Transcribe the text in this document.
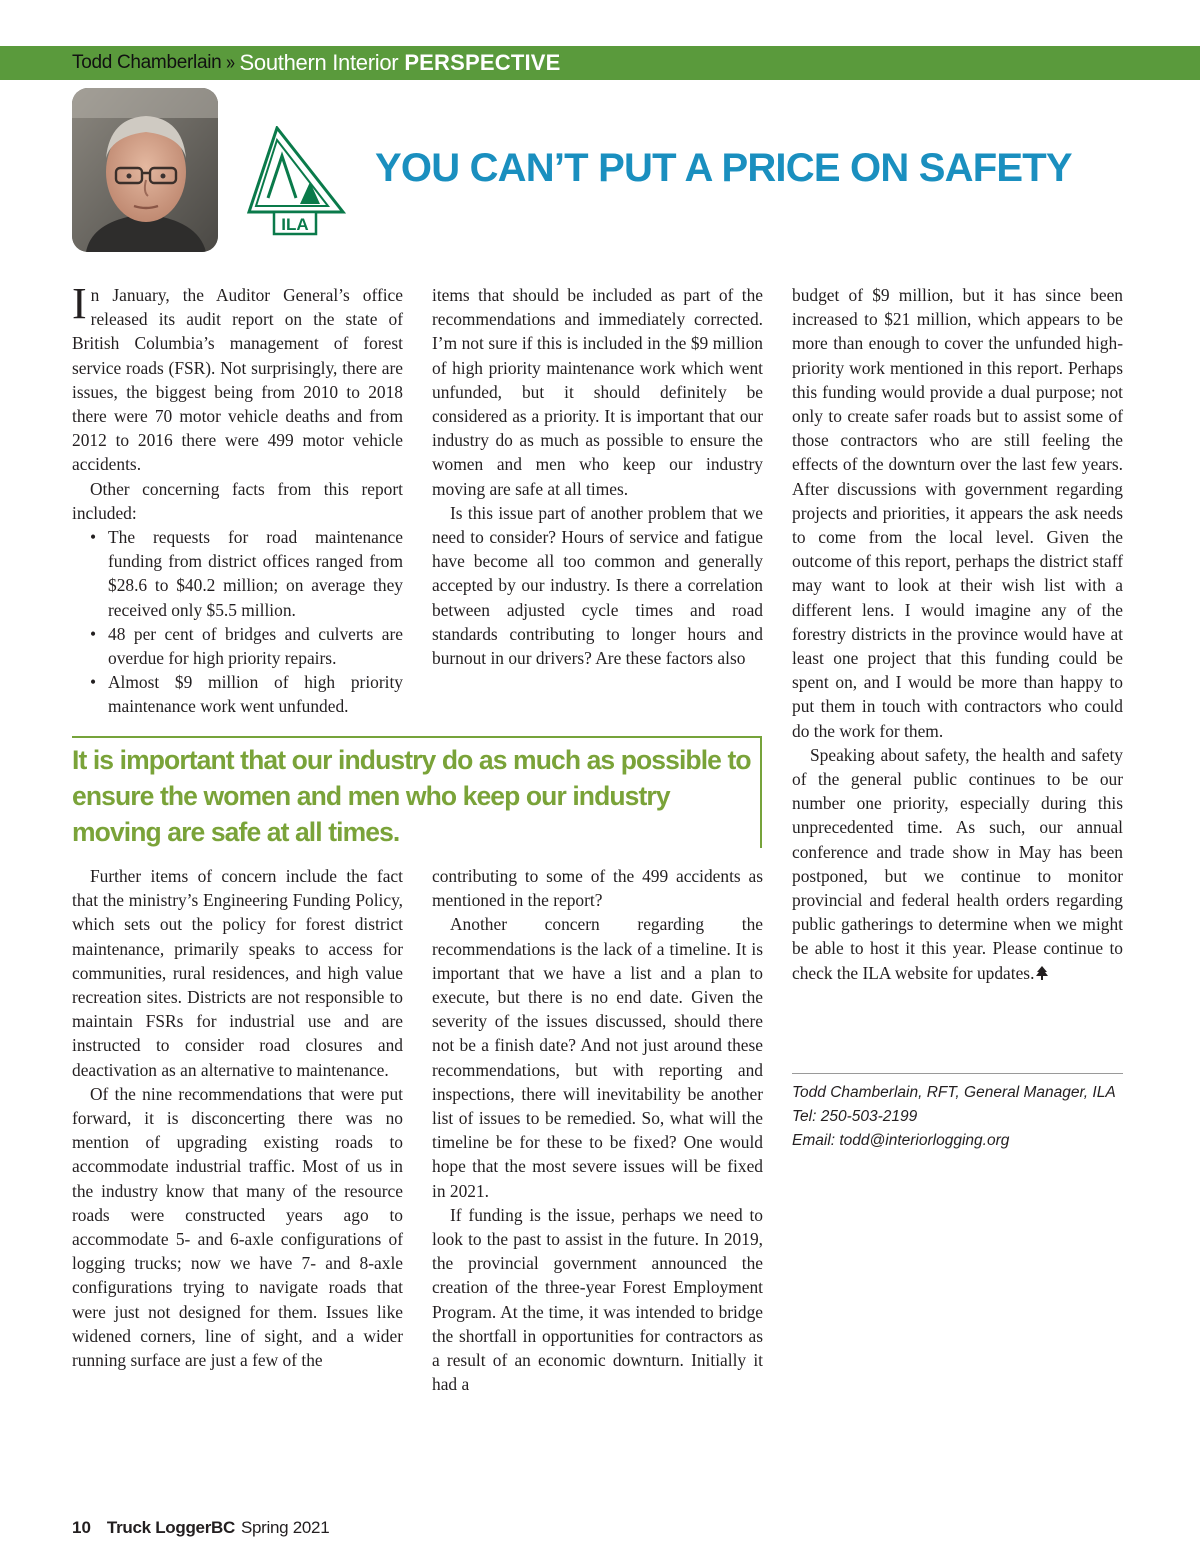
Todd Chamberlain » Southern Interior PERSPECTIVE
ILA
YOU CAN’T PUT A PRICE ON SAFETY

In January, the Auditor General’s office released its audit report on the state of British Columbia’s management of forest service roads (FSR). Not surprisingly, there are issues, the biggest being from 2010 to 2018 there were 70 motor vehicle deaths and from 2012 to 2016 there were 499 motor vehicle accidents.

Other concerning facts from this report included:

• The requests for road maintenance funding from district offices ranged from $28.6 to $40.2 million; on average they received only $5.5 million.
• 48 per cent of bridges and culverts are overdue for high priority repairs.
• Almost $9 million of high priority maintenance work went unfunded.

items that should be included as part of the recommendations and immediately corrected. I’m not sure if this is included in the $9 million of high priority maintenance work which went unfunded, but it should definitely be considered as a priority. It is important that our industry do as much as possible to ensure the women and men who keep our industry moving are safe at all times.

Is this issue part of another problem that we need to consider? Hours of service and fatigue have become all too common and generally accepted by our industry. Is there a correlation between adjusted cycle times and road standards contributing to longer hours and burnout in our drivers? Are these factors also

It is important that our industry do as much as possible to ensure the women and men who keep our industry moving are safe at all times.

Further items of concern include the fact that the ministry’s Engineering Funding Policy, which sets out the policy for forest district maintenance, primarily speaks to access for communities, rural residences, and high value recreation sites. Districts are not responsible to maintain FSRs for industrial use and are instructed to consider road closures and deactivation as an alternative to maintenance.

Of the nine recommendations that were put forward, it is disconcerting there was no mention of upgrading existing roads to accommodate industrial traffic. Most of us in the industry know that many of the resource roads were constructed years ago to accommodate 5- and 6-axle configurations of logging trucks; now we have 7- and 8-axle configurations trying to navigate roads that were just not designed for them. Issues like widened corners, line of sight, and a wider running surface are just a few of the

contributing to some of the 499 accidents as mentioned in the report?

Another concern regarding the recommendations is the lack of a timeline. It is important that we have a list and a plan to execute, but there is no end date. Given the severity of the issues discussed, should there not be a finish date? And not just around these recommendations, but with reporting and inspections, there will inevitability be another list of issues to be remedied. So, what will the timeline be for these to be fixed? One would hope that the most severe issues will be fixed in 2021.

If funding is the issue, perhaps we need to look to the past to assist in the future. In 2019, the provincial government announced the creation of the three-year Forest Employment Program. At the time, it was intended to bridge the shortfall in opportunities for contractors as a result of an economic downturn. Initially it had a

budget of $9 million, but it has since been increased to $21 million, which appears to be more than enough to cover the unfunded high-priority work mentioned in this report. Perhaps this funding would provide a dual purpose; not only to create safer roads but to assist some of those contractors who are still feeling the effects of the downturn over the last few years. After discussions with government regarding projects and priorities, it appears the ask needs to come from the local level. Given the outcome of this report, perhaps the district staff may want to look at their wish list with a different lens. I would imagine any of the forestry districts in the province would have at least one project that this funding could be spent on, and I would be more than happy to put them in touch with contractors who could do the work for them.

Speaking about safety, the health and safety of the general public continues to be our number one priority, especially during this unprecedented time. As such, our annual conference and trade show in May has been postponed, but we continue to monitor provincial and federal health orders regarding public gatherings to determine when we might be able to host it this year. Please continue to check the ILA website for updates.

Todd Chamberlain, RFT, General Manager, ILA
Tel: 250-503-2199
Email: todd@interiorlogging.org
10 Truck LoggerBC Spring 2021
